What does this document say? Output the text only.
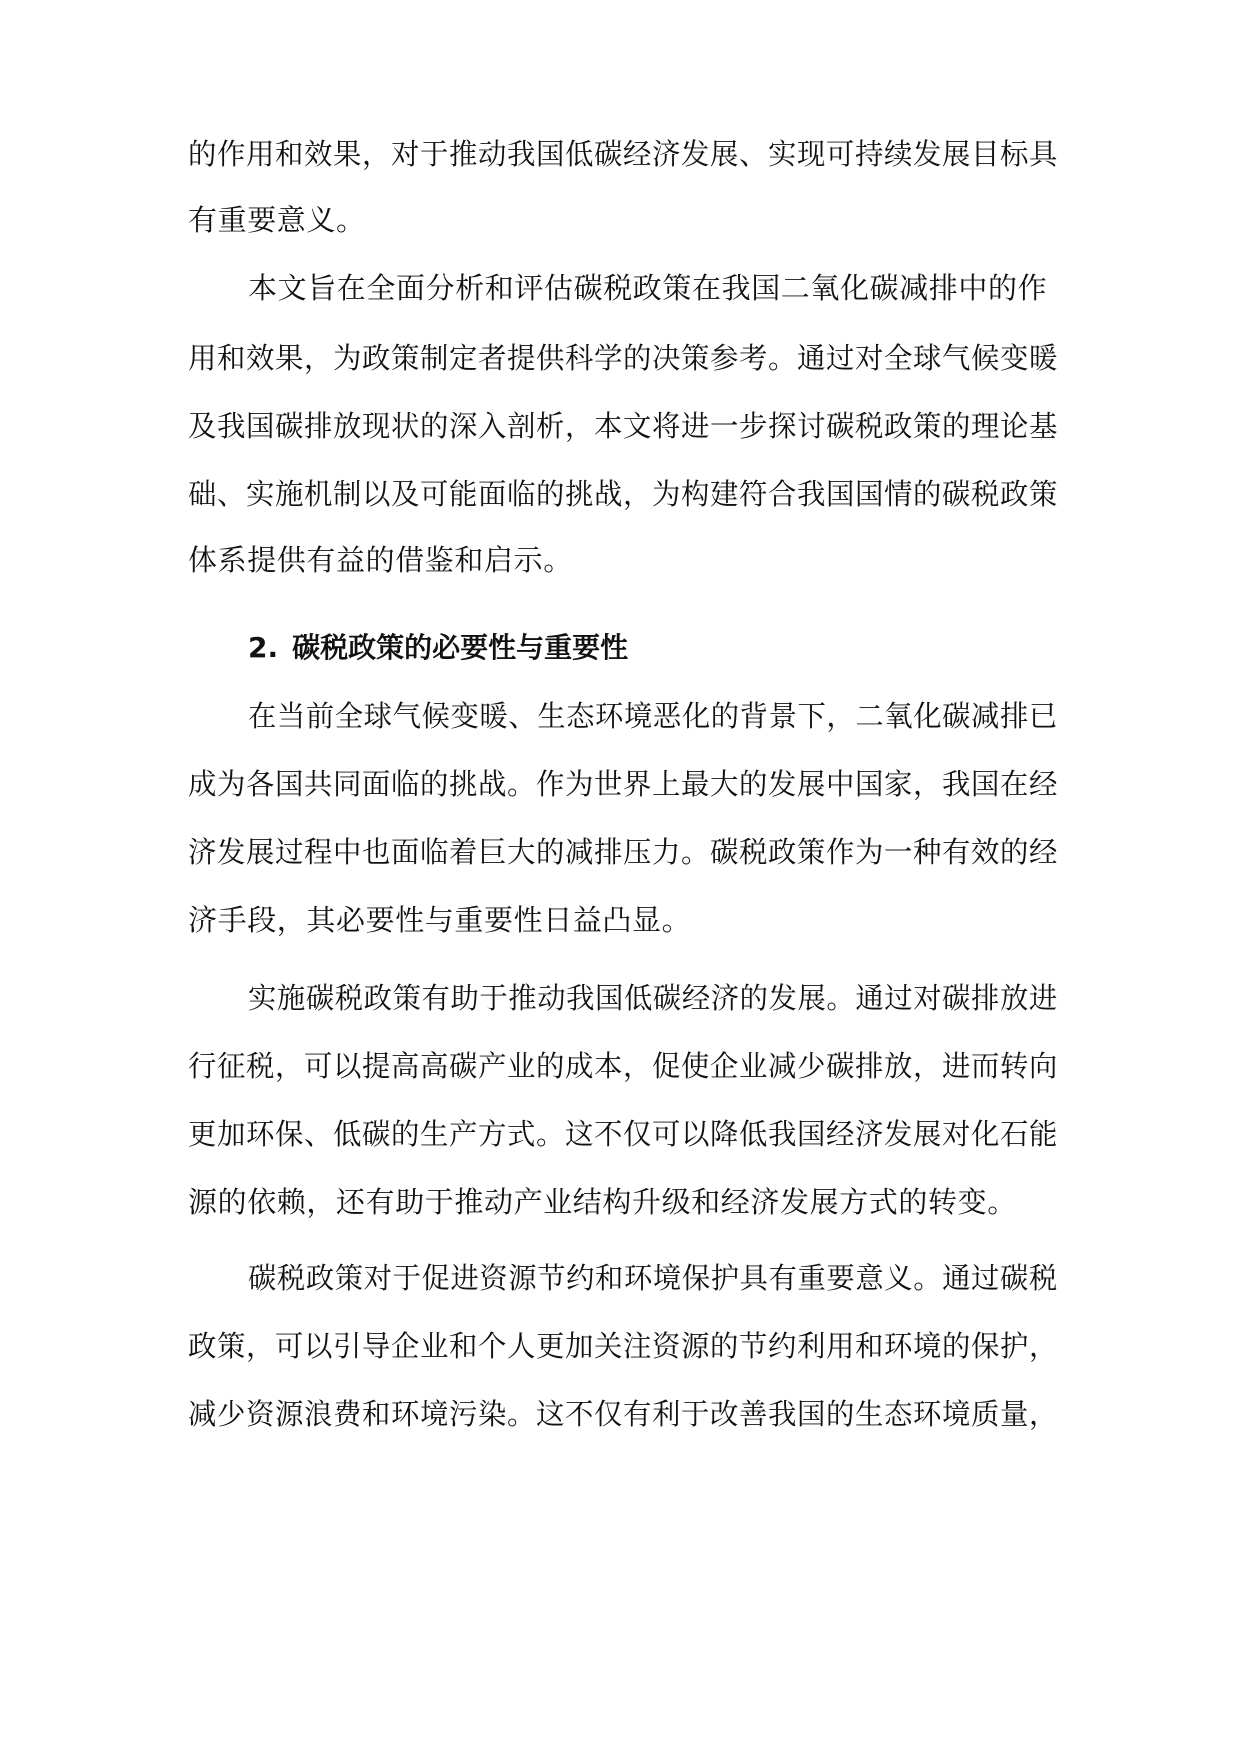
的作用和效果，对于推动我国低碳经济发展、实现可持续发展目标具
有重要意义。
本文旨在全面分析和评估碳税政策在我国二氧化碳减排中的作
用和效果，为政策制定者提供科学的决策参考。通过对全球气候变暖
及我国碳排放现状的深入剖析，本文将进一步探讨碳税政策的理论基
础、实施机制以及可能面临的挑战，为构建符合我国国情的碳税政策
体系提供有益的借鉴和启示。
2. 碳税政策的必要性与重要性
在当前全球气候变暖、生态环境恶化的背景下，二氧化碳减排已
成为各国共同面临的挑战。作为世界上最大的发展中国家，我国在经
济发展过程中也面临着巨大的减排压力。碳税政策作为一种有效的经
济手段，其必要性与重要性日益凸显。
实施碳税政策有助于推动我国低碳经济的发展。通过对碳排放进
行征税，可以提高高碳产业的成本，促使企业减少碳排放，进而转向
更加环保、低碳的生产方式。这不仅可以降低我国经济发展对化石能
源的依赖，还有助于推动产业结构升级和经济发展方式的转变。
碳税政策对于促进资源节约和环境保护具有重要意义。通过碳税
政策，可以引导企业和个人更加关注资源的节约利用和环境的保护，
减少资源浪费和环境污染。这不仅有利于改善我国的生态环境质量，
